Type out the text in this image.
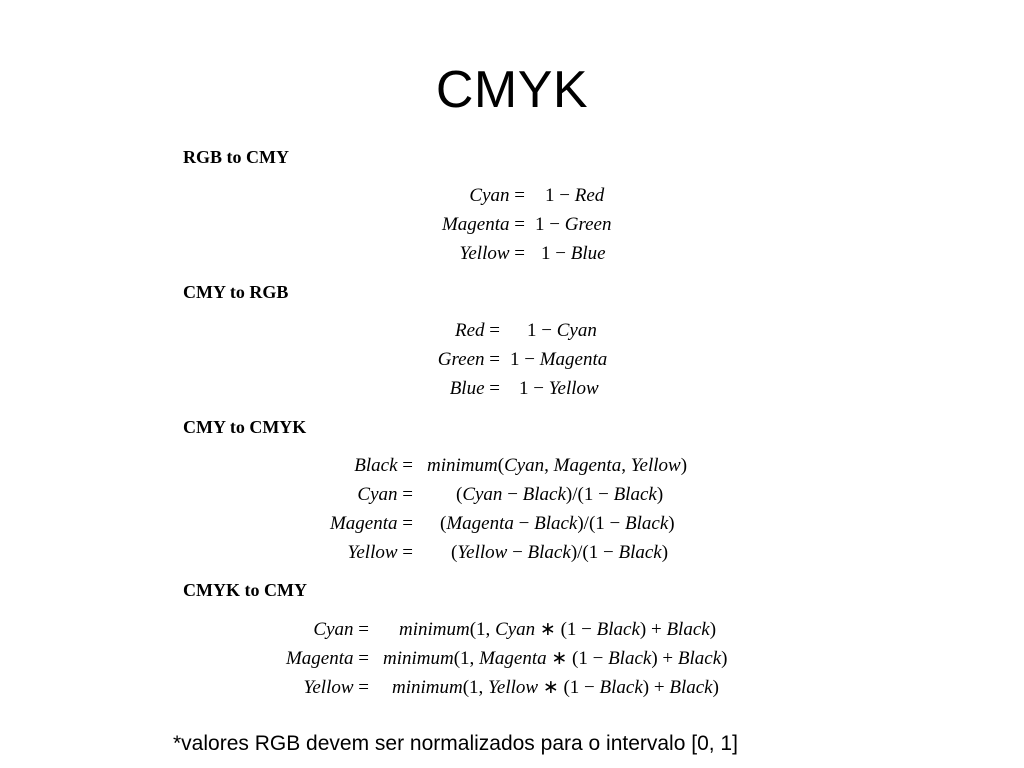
CMYK
RGB to CMY
Cyan = 1 − Red
Magenta = 1 − Green
Yellow = 1 − Blue
CMY to RGB
Red = 1 − Cyan
Green = 1 − Magenta
Blue = 1 − Yellow
CMY to CMYK
Black = minimum(Cyan, Magenta, Yellow)
Cyan = (Cyan − Black)/(1 − Black)
Magenta = (Magenta − Black)/(1 − Black)
Yellow = (Yellow − Black)/(1 − Black)
CMYK to CMY
Cyan = minimum(1, Cyan ∗ (1 − Black) + Black)
Magenta = minimum(1, Magenta ∗ (1 − Black) + Black)
Yellow = minimum(1, Yellow ∗ (1 − Black) + Black)
*valores RGB devem ser normalizados para o intervalo [0, 1]
